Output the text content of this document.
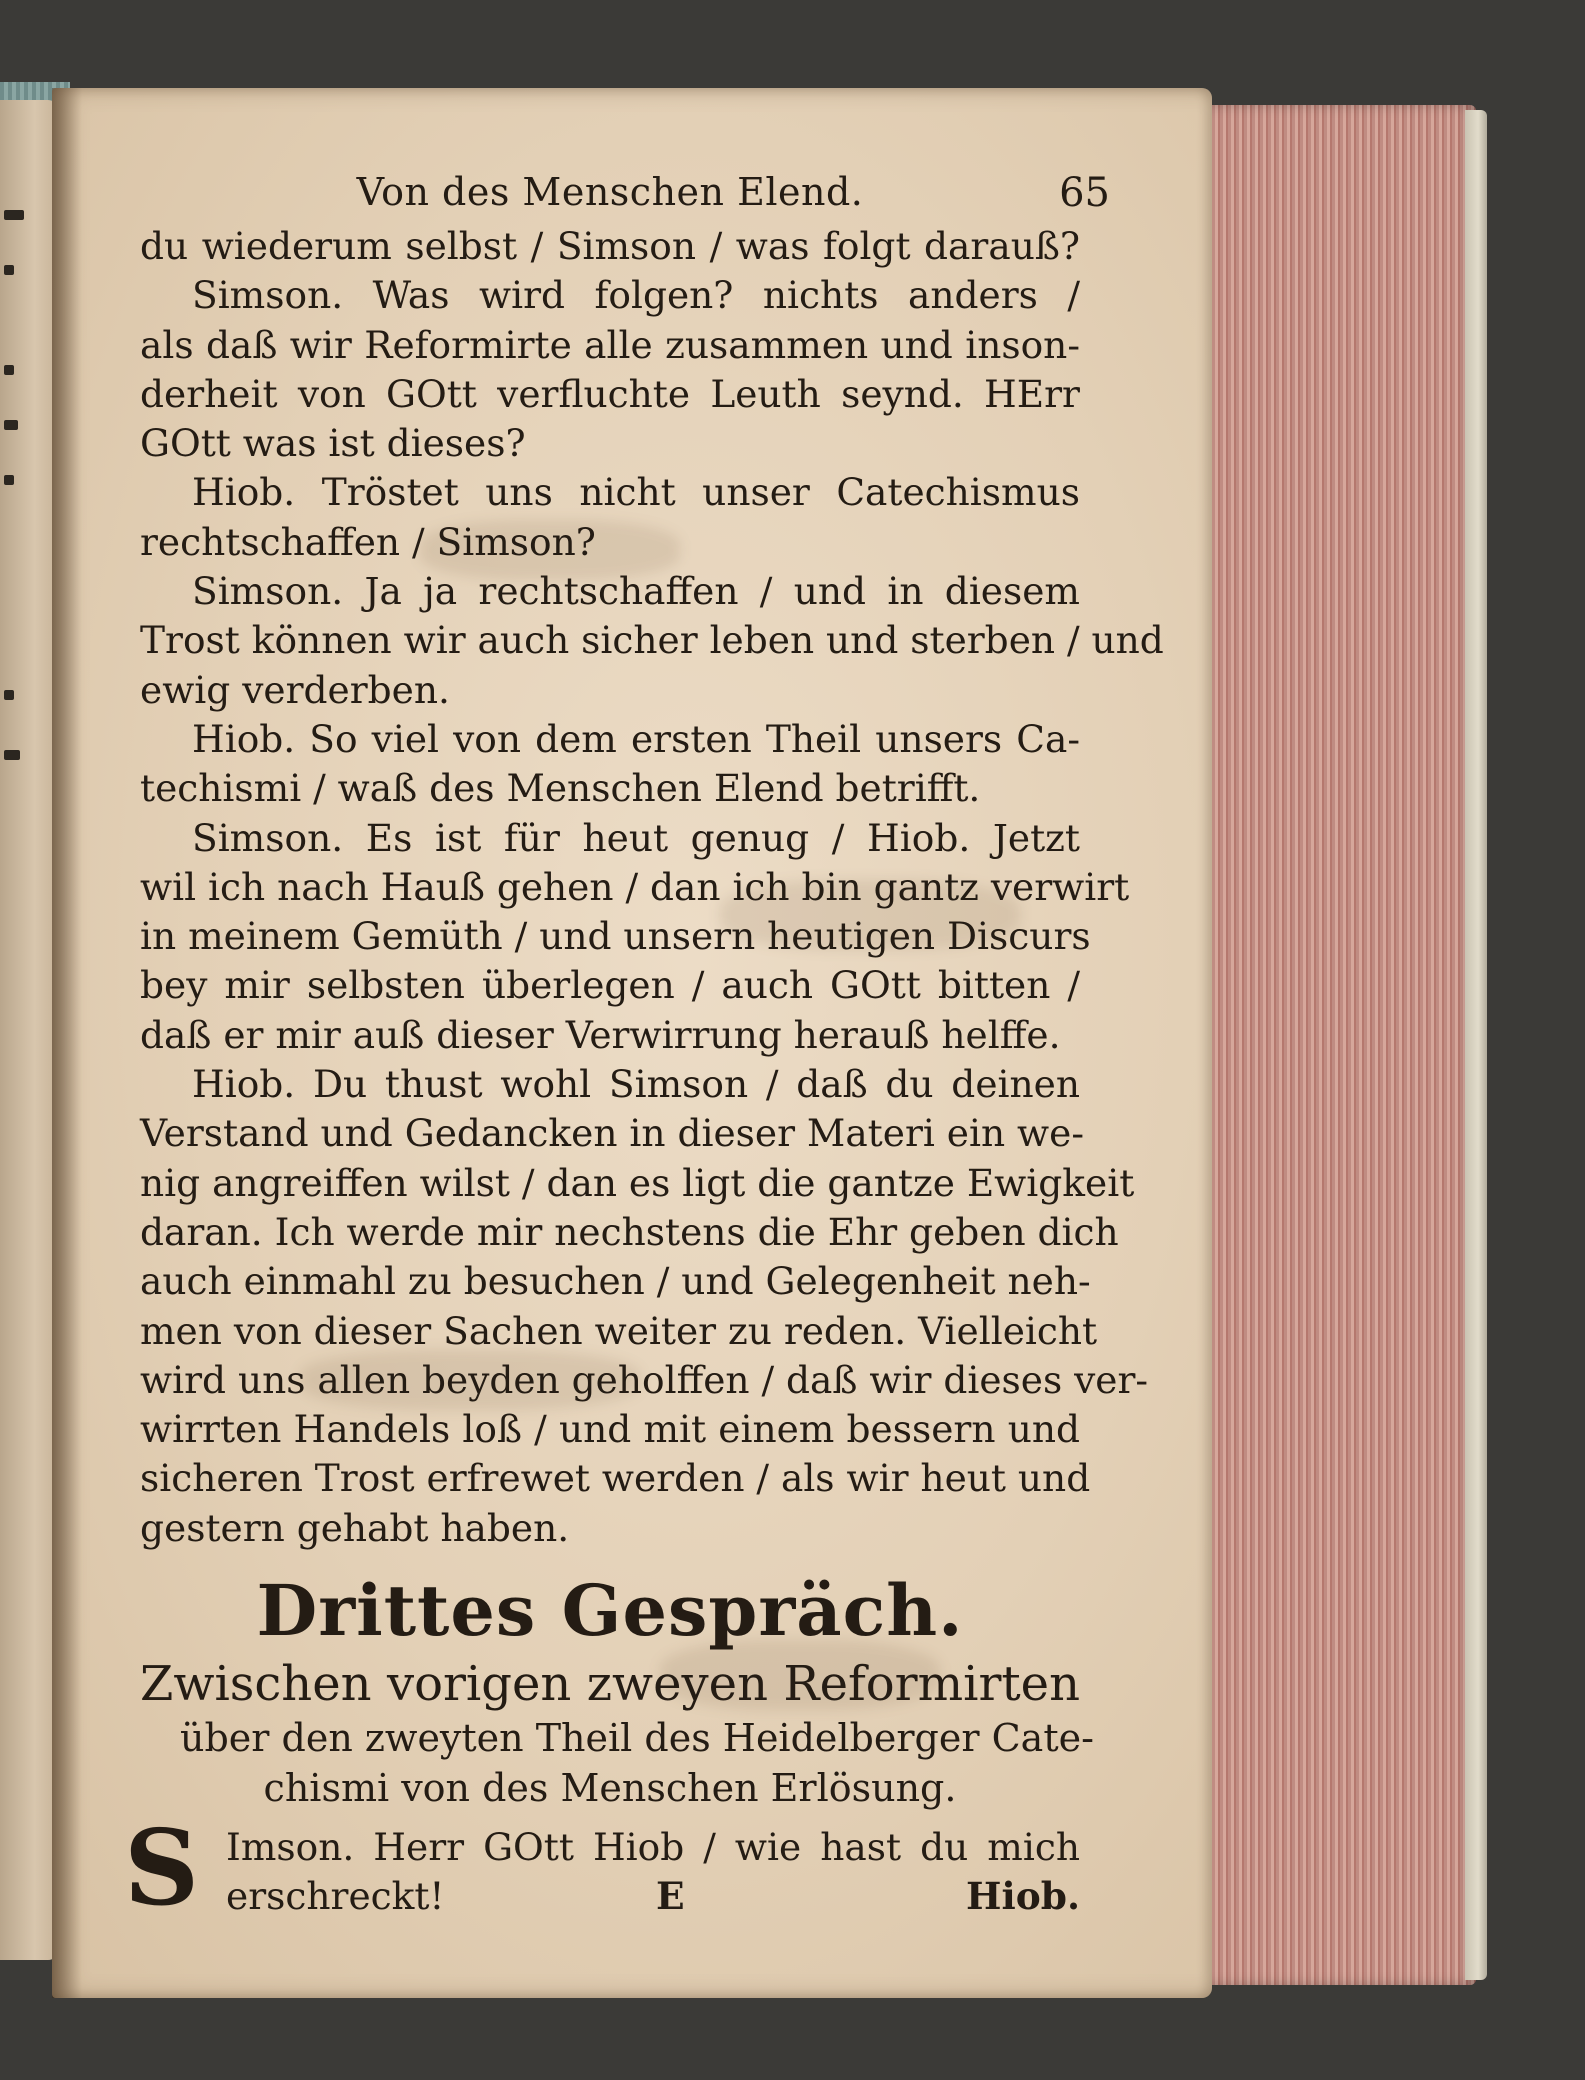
Von des Menschen Elend.	65
du wiederum selbst / Simson / was folgt darauß?
Simson. Was wird folgen? nichts anders /
als daß wir Reformirte alle zusammen und inson-
derheit von GOtt verfluchte Leuth seynd. HErr
GOtt was ist dieses?
Hiob. Tröstet uns nicht unser Catechismus
rechtschaffen / Simson?
Simson. Ja ja rechtschaffen / und in diesem
Trost können wir auch sicher leben und sterben / und
ewig verderben.
Hiob. So viel von dem ersten Theil unsers Ca-
techismi / waß des Menschen Elend betrifft.
Simson. Es ist für heut genug / Hiob. Jetzt
wil ich nach Hauß gehen / dan ich bin gantz verwirt
in meinem Gemüth / und unsern heutigen Discurs
bey mir selbsten überlegen / auch GOtt bitten /
daß er mir auß dieser Verwirrung herauß helffe.
Hiob. Du thust wohl Simson / daß du deinen
Verstand und Gedancken in dieser Materi ein we-
nig angreiffen wilst / dan es ligt die gantze Ewigkeit
daran. Ich werde mir nechstens die Ehr geben dich
auch einmahl zu besuchen / und Gelegenheit neh-
men von dieser Sachen weiter zu reden. Vielleicht
wird uns allen beyden geholffen / daß wir dieses ver-
wirrten Handels loß / und mit einem bessern und
sicheren Trost erfrewet werden / als wir heut und
gestern gehabt haben.
Drittes Gespräch.
Zwischen vorigen zweyen Reformirten
über den zweyten Theil des Heidelberger Cate-
chismi von des Menschen Erlösung.
S Imson. Herr GOtt Hiob / wie hast du mich
erschreckt!	E	Hiob.
